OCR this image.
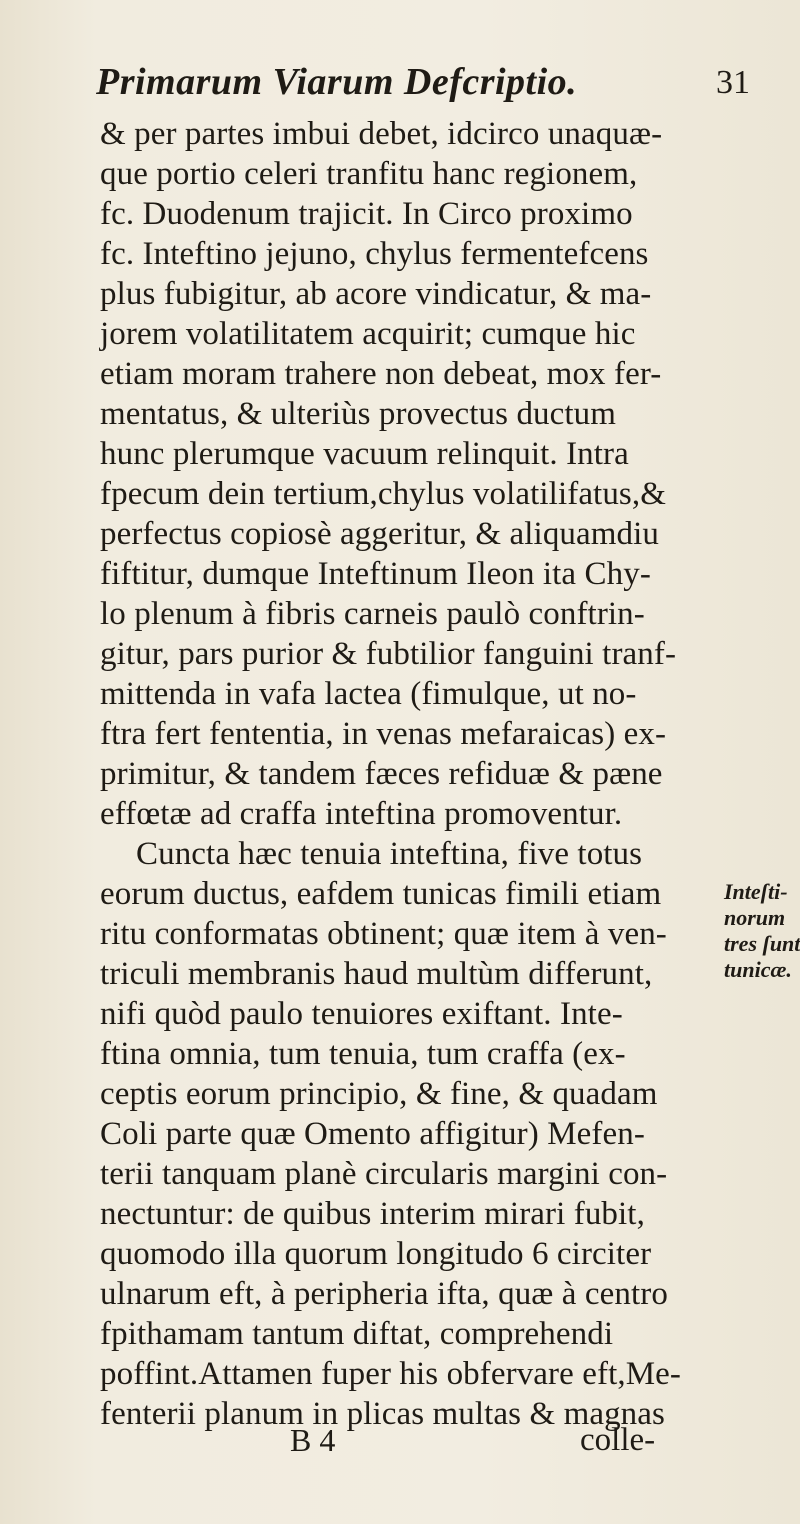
Primarum Viarum Defcriptio.	31
& per partes imbui debet, idcirco unaquæ-
que portio celeri tranfitu hanc regionem,
fc. Duodenum trajicit. In Circo proximo
fc. Inteftino jejuno, chylus fermentefcens
plus fubigitur, ab acore vindicatur, & ma-
jorem volatilitatem acquirit; cumque hic
etiam moram trahere non debeat, mox fer-
mentatus, & ulteriùs provectus ductum
hunc plerumque vacuum relinquit. Intra
fpecum dein tertium,chylus volatilifatus,&
perfectus copiosè aggeritur, & aliquamdiu
fiftitur, dumque Inteftinum Ileon ita Chy-
lo plenum à fibris carneis paulò conftrin-
gitur, pars purior & fubtilior fanguini tranf-
mittenda in vafa lactea (fimulque, ut no-
ftra fert fententia, in venas mefaraicas) ex-
primitur, & tandem fæces refiduæ & pæne
effœtæ ad craffa inteftina promoventur.
Cuncta hæc tenuia inteftina, five totus
eorum ductus, eafdem tunicas fimili etiam
ritu conformatas obtinent; quæ item à ven-
triculi membranis haud multùm differunt,
nifi quòd paulo tenuiores exiftant. Inte-
ftina omnia, tum tenuia, tum craffa (ex-
ceptis eorum principio, & fine, & quadam
Coli parte quæ Omento affigitur) Mefen-
terii tanquam planè circularis margini con-
nectuntur: de quibus interim mirari fubit,
quomodo illa quorum longitudo 6 circiter
ulnarum eft, à peripheria ifta, quæ à centro
fpithamam tantum diftat, comprehendi
poffint.Attamen fuper his obfervare eft,Me-
fenterii planum in plicas multas & magnas
Inteſti-
norum
tres ſunt
tunicæ.
B 4	colle-
